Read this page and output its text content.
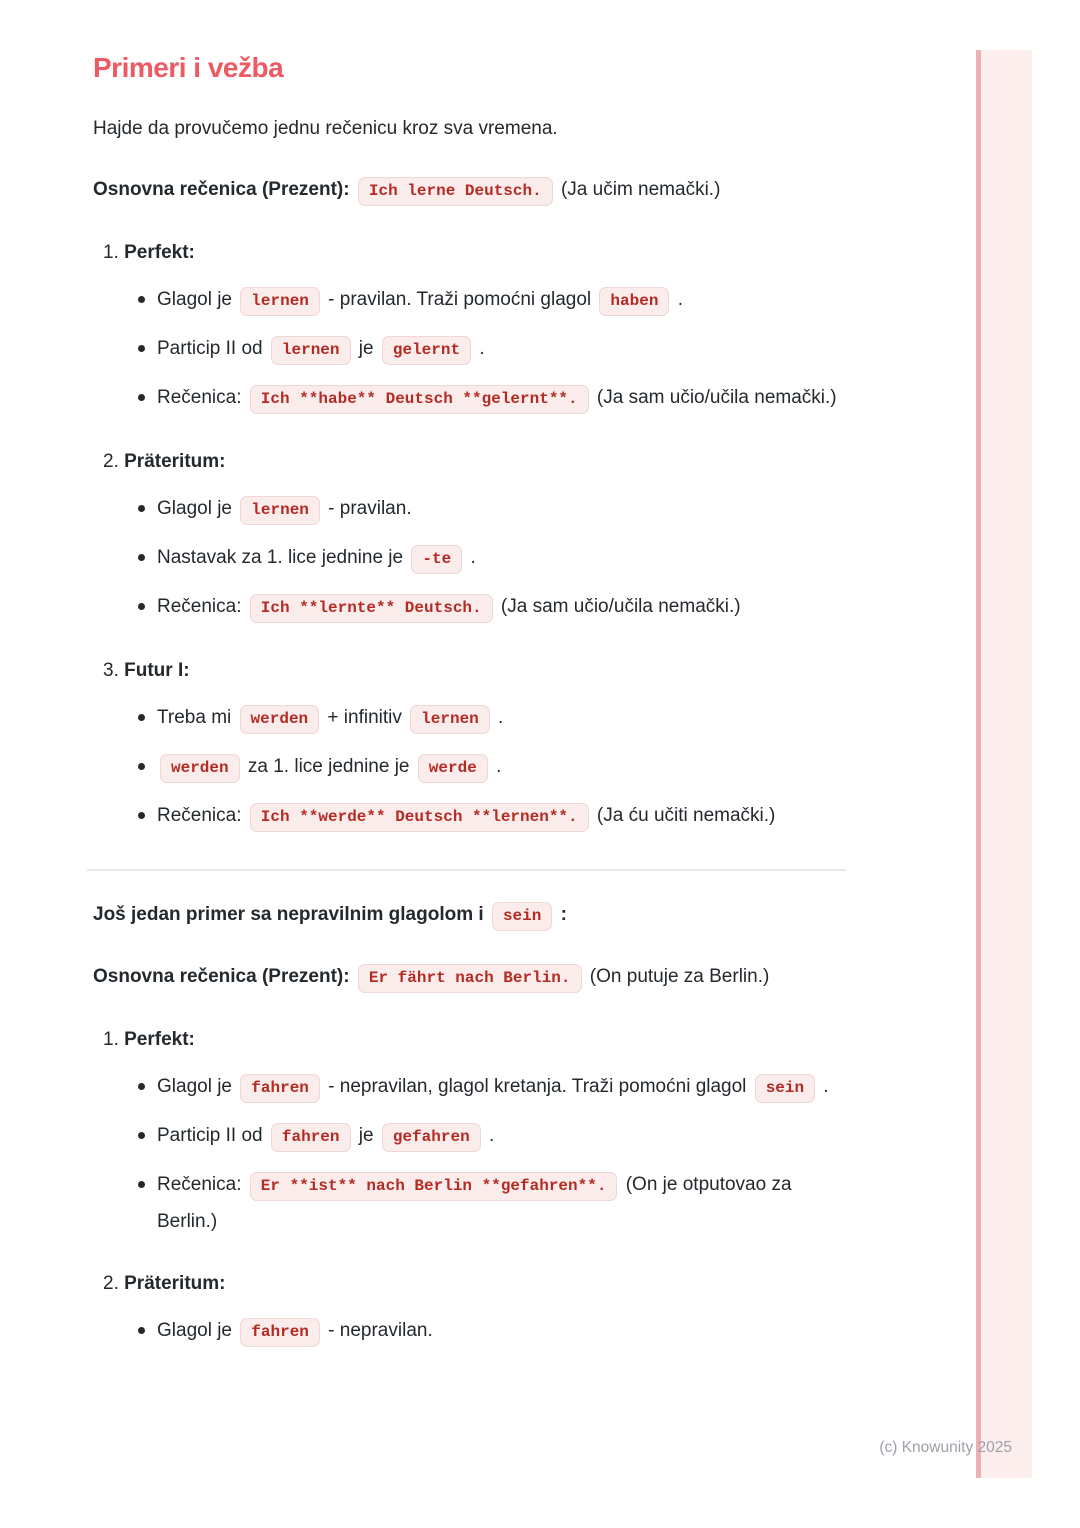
Primeri i vežba

Hajde da provučemo jednu rečenicu kroz sva vremena.

Osnovna rečenica (Prezent): Ich lerne Deutsch. (Ja učim nemački.)

1. Perfekt:
Glagol je lernen - pravilan. Traži pomoćni glagol haben .
Particip II od lernen je gelernt .
Rečenica: Ich **habe** Deutsch **gelernt**. (Ja sam učio/učila nemački.)
2. Präteritum:
Glagol je lernen - pravilan.
Nastavak za 1. lice jednine je -te .
Rečenica: Ich **lernte** Deutsch. (Ja sam učio/učila nemački.)
3. Futur I:
Treba mi werden + infinitiv lernen .
werden za 1. lice jednine je werde .
Rečenica: Ich **werde** Deutsch **lernen**. (Ja ću učiti nemački.)

Još jedan primer sa nepravilnim glagolom i sein :

Osnovna rečenica (Prezent): Er fährt nach Berlin. (On putuje za Berlin.)

1. Perfekt:
Glagol je fahren - nepravilan, glagol kretanja. Traži pomoćni glagol sein .
Particip II od fahren je gefahren .
Rečenica: Er **ist** nach Berlin **gefahren**. (On je otputovao za Berlin.)
2. Präteritum:
Glagol je fahren - nepravilan.
(c) Knowunity 2025
